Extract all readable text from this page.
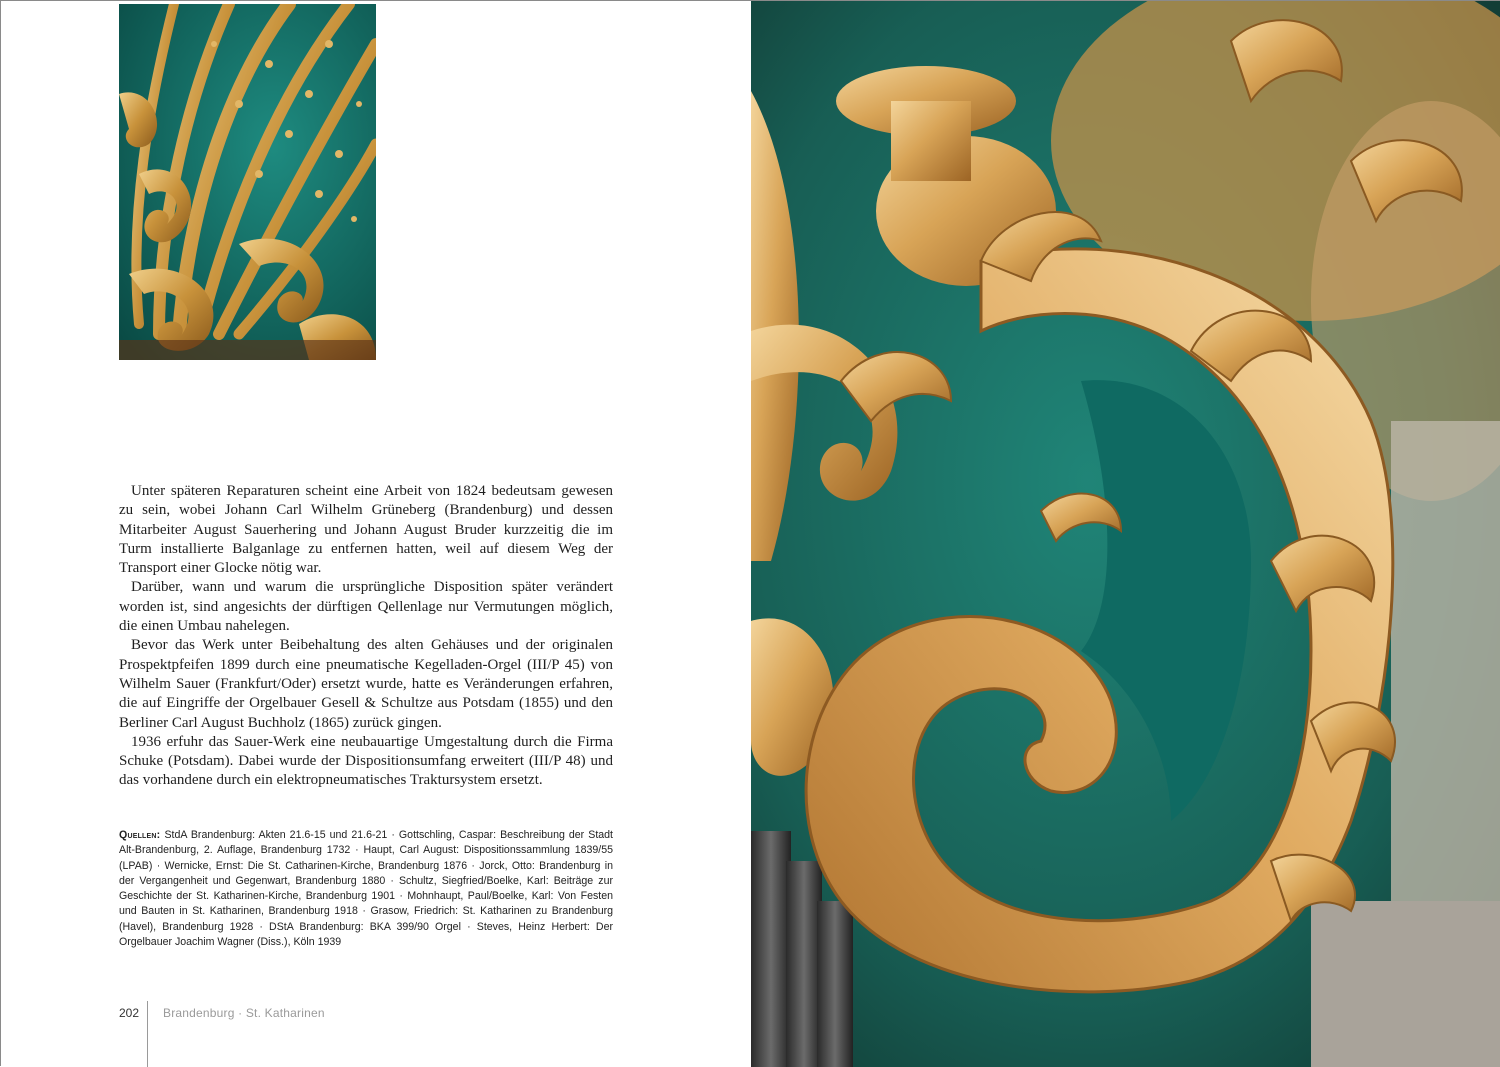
Unter späteren Reparaturen scheint eine Arbeit von 1824 bedeutsam gewesen zu sein, wobei Johann Carl Wilhelm Grüneberg (Brandenburg) und dessen Mitarbeiter August Sauerhering und Johann August Bruder kurzzeitig die im Turm installierte Balganlage zu entfernen hatten, weil auf diesem Weg der Transport einer Glocke nötig war.

Darüber, wann und warum die ursprüngliche Disposition später verändert worden ist, sind angesichts der dürftigen Qellenlage nur Vermutungen möglich, die einen Umbau nahelegen.

Bevor das Werk unter Beibehaltung des alten Gehäuses und der originalen Prospektpfeifen 1899 durch eine pneumatische Kegelladen-Orgel (III/P 45) von Wilhelm Sauer (Frankfurt/Oder) ersetzt wurde, hatte es Veränderungen erfahren, die auf Eingriffe der Orgelbauer Gesell & Schultze aus Potsdam (1855) und den Berliner Carl August Buchholz (1865) zurück gingen.

1936 erfuhr das Sauer-Werk eine neubauartige Umgestaltung durch die Firma Schuke (Potsdam). Dabei wurde der Dispositionsumfang erweitert (III/P 48) und das vorhandene durch ein elektropneumatisches Traktursystem ersetzt.

Quellen: StdA Brandenburg: Akten 21.6-15 und 21.6-21 · Gottschling, Caspar: Beschreibung der Stadt Alt-Brandenburg, 2. Auflage, Brandenburg 1732 · Haupt, Carl August: Dispositionssammlung 1839/55 (LPAB) · Wernicke, Ernst: Die St. Catharinen-Kirche, Brandenburg 1876 · Jorck, Otto: Brandenburg in der Vergangenheit und Gegenwart, Brandenburg 1880 · Schultz, Siegfried/Boelke, Karl: Beiträge zur Geschichte der St. Katharinen-Kirche, Brandenburg 1901 · Mohnhaupt, Paul/Boelke, Karl: Von Festen und Bauten in St. Katharinen, Brandenburg 1918 · Grasow, Friedrich: St. Katharinen zu Brandenburg (Havel), Brandenburg 1928 · DStA Brandenburg: BKA 399/90 Orgel · Steves, Heinz Herbert: Der Orgelbauer Joachim Wagner (Diss.), Köln 1939
202 Brandenburg · St. Katharinen
